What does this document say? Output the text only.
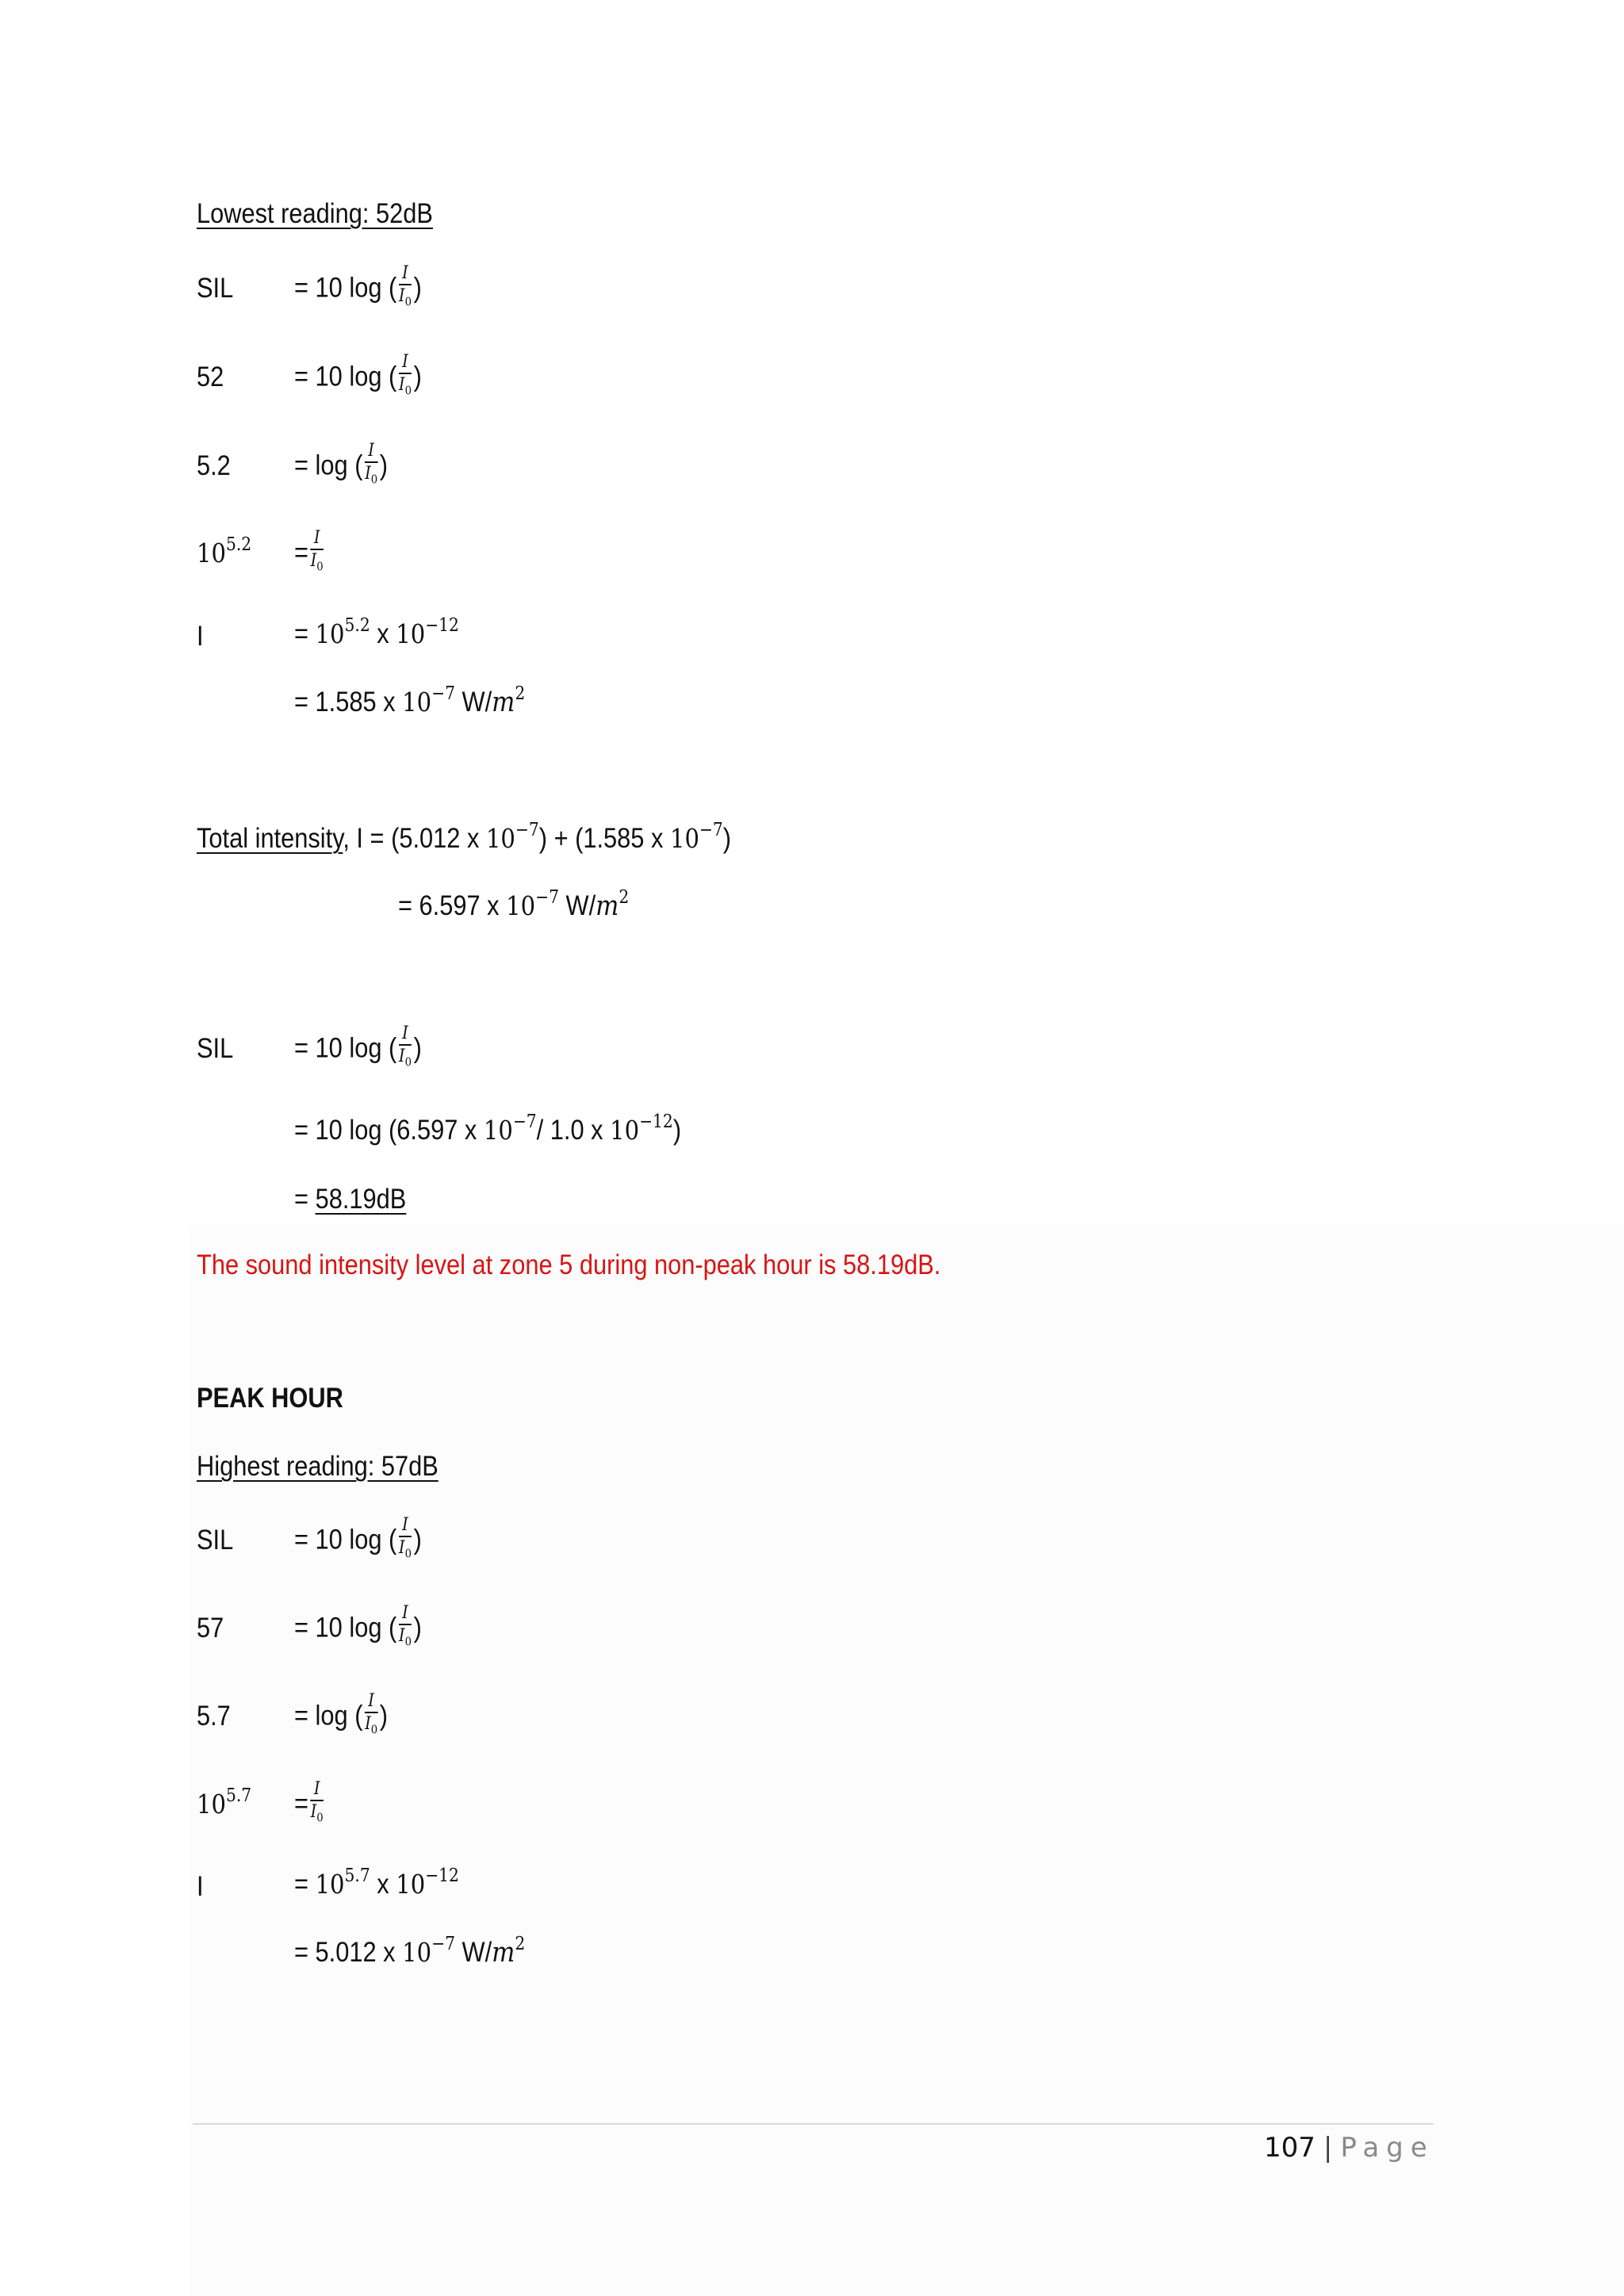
Lowest reading: 52dB
SIL = 10 log ( $\frac{I}{I_0}$ )
52	= 10 log ( $\frac{I}{I_0}$ )
5.2 = log ( $\frac{I}{I_0}$ )
$10^{5.2} = \frac{I}{I_0}$
I	= $10^{5.2}$ x $10^{-12}$
= 1.585 x $10^{-7}$ $W/m^2$
Total intensity, I = (5.012 x $10^{-7}) + (1.585$ x $10^{-7}$)
= 6.597 x $10^{-7}$ $W/m^2$
SIL = 10 log ( $\frac{I}{I_0}$ )
= 10 log (6.597 x $10^{-7}/$ 1.0 x $10^{-12}$)
= 58.19dB
The sound intensity level at zone 5 during non-peak hour is 58.19dB.
PEAK HOUR
Highest reading: 57dB
SIL = 10 log ( $\frac{I}{I_0}$ )
57	= 10 log ( $\frac{I}{I_0}$ )
5.7 = log ( $\frac{I}{I_0}$ )
$10^{5.7} = \frac{I}{I_0}$
I	= $10^{5.7}$ x $10^{-12}$
= 5.012 x $10^{-7}$ $W/m^2$
107 | Page
